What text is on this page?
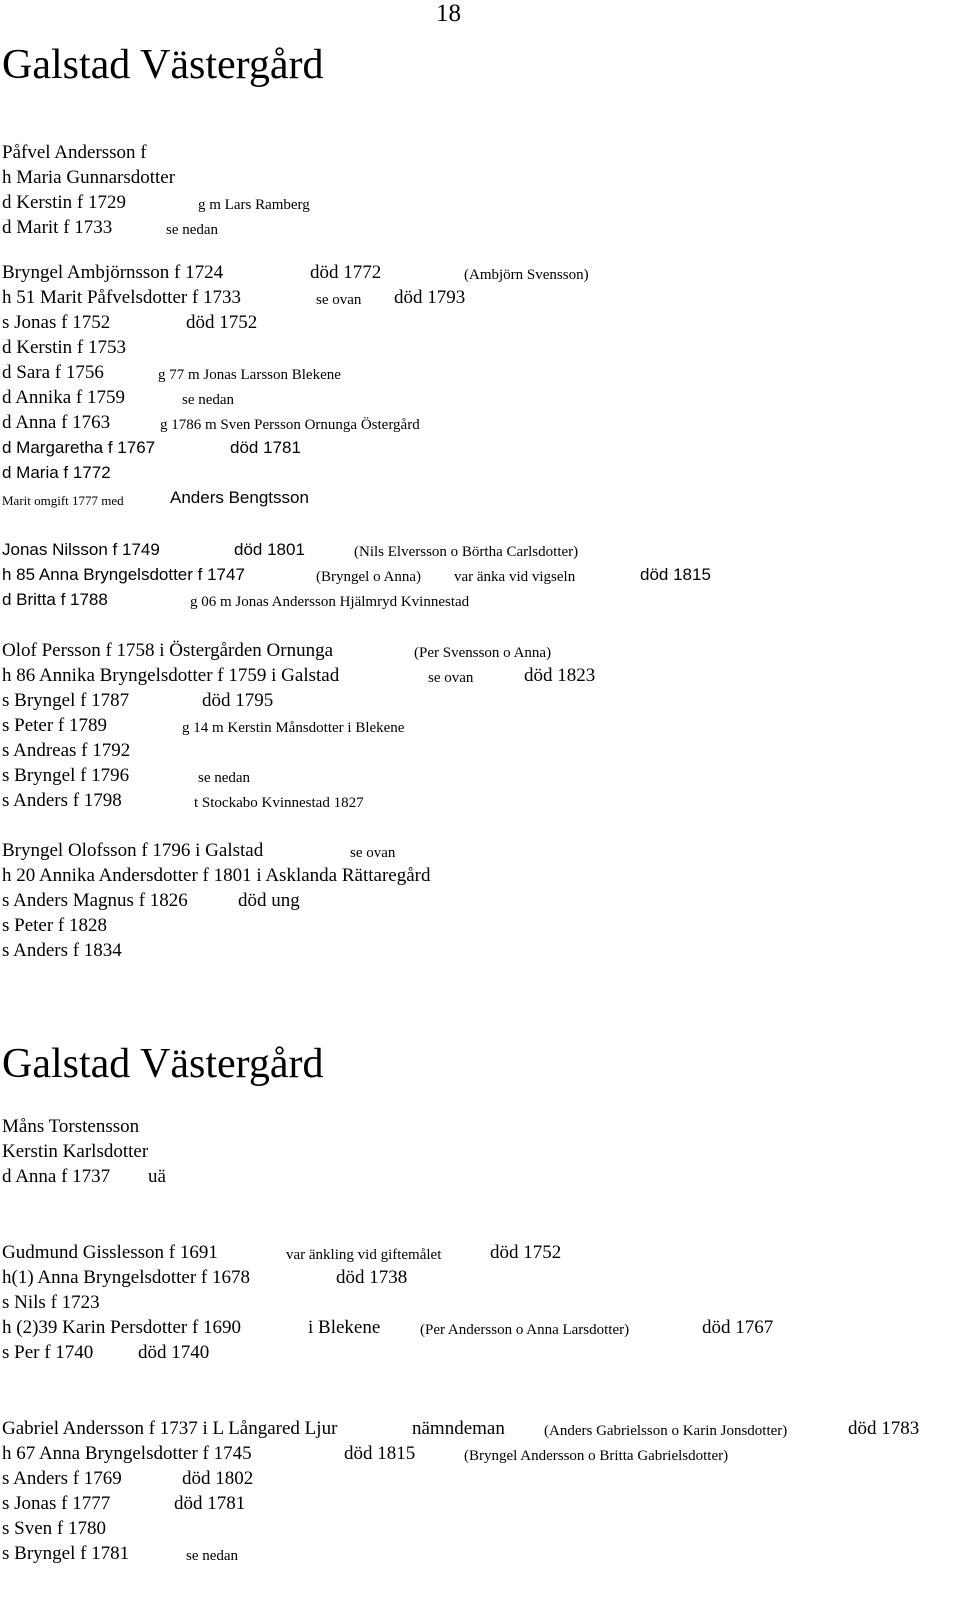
18
Galstad Västergård
Påfvel Andersson f
h Maria Gunnarsdotter
d Kerstin f 1729	g m Lars Ramberg
d Marit f 1733	se nedan
Bryngel Ambjörnsson f 1724	död 1772	(Ambjörn Svensson)
h 51 Marit Påfvelsdotter f 1733	se ovan död 1793
s Jonas f 1752	död 1752
d Kerstin f 1753
d Sara f 1756	g 77 m Jonas Larsson Blekene
d Annika f 1759	se nedan
d Anna f 1763	g 1786 m Sven Persson Ornunga Östergård
d Margaretha f 1767	död 1781
d Maria f 1772
Marit omgift 1777 med	Anders Bengtsson
Jonas Nilsson f 1749	död 1801	(Nils Elversson o Börtha Carlsdotter)
h 85 Anna Bryngelsdotter f 1747	(Bryngel o Anna) var änka vid vigseln	död 1815
d Britta f 1788	g 06 m Jonas Andersson Hjälmryd Kvinnestad
Olof Persson f 1758 i Östergården Ornunga	(Per Svensson o Anna)
h 86 Annika Bryngelsdotter f 1759 i Galstad	se ovan	död 1823
s Bryngel f 1787	död 1795
s Peter f 1789	g 14 m Kerstin Månsdotter i Blekene
s Andreas f 1792
s Bryngel f 1796	se nedan
s Anders f 1798	t Stockabo Kvinnestad 1827
Bryngel Olofsson f 1796 i Galstad	se ovan
h 20 Annika Andersdotter f 1801 i Asklanda Rättaregård
s Anders Magnus f 1826	död ung
s Peter f 1828
s Anders f 1834
Galstad Västergård
Måns Torstensson
Kerstin Karlsdotter
d Anna f 1737 uä
Gudmund Gisslesson f 1691	var änkling vid giftemålet	död 1752
h(1) Anna Bryngelsdotter f 1678	död 1738
s Nils f 1723
h (2)39 Karin Persdotter f 1690	i Blekene	(Per Andersson o Anna Larsdotter)	död 1767
s Per f 1740 död 1740
Gabriel Andersson f 1737 i L Långared Ljur	nämndeman	(Anders Gabrielsson o Karin Jonsdotter)	död 1783
h 67 Anna Bryngelsdotter f 1745	död 1815	(Bryngel Andersson o Britta Gabrielsdotter)
s Anders f 1769	död 1802
s Jonas f 1777	död 1781
s Sven f 1780
s Bryngel f 1781	se nedan
